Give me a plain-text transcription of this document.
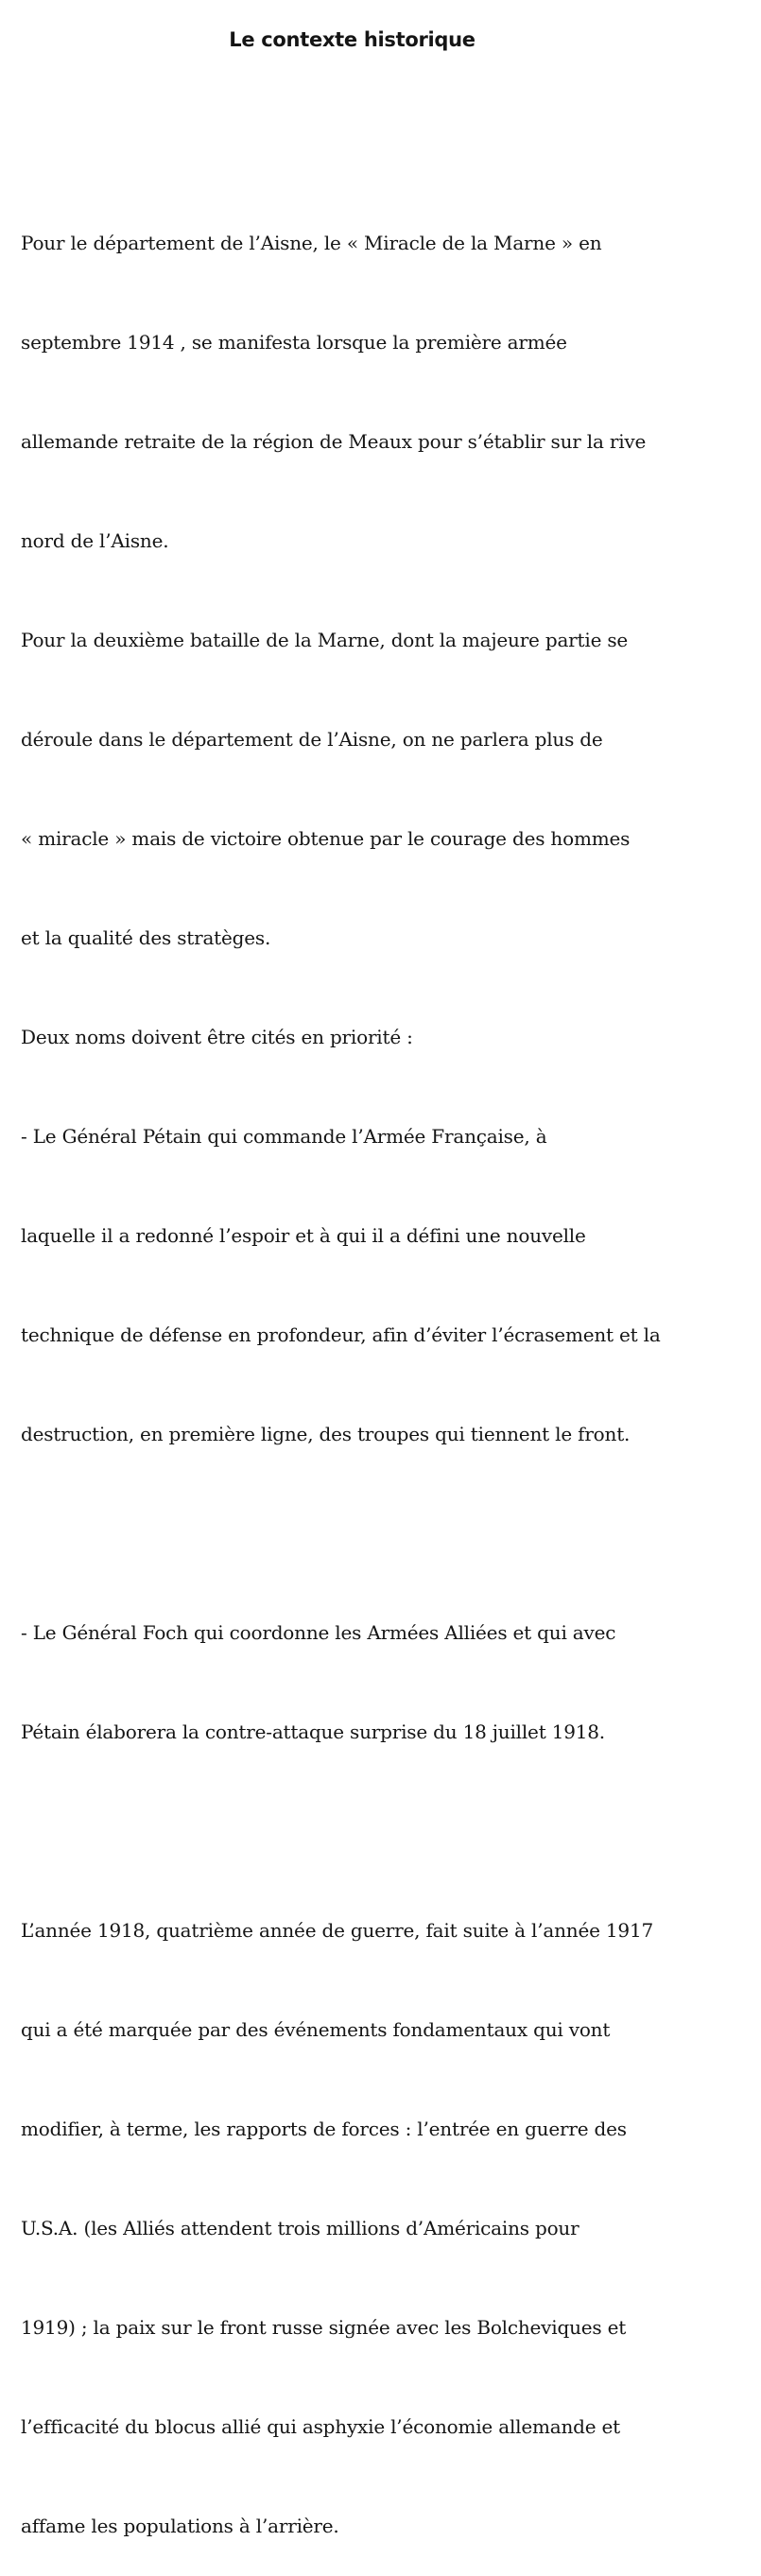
Le contexte historique

Pour le département de l’Aisne, le « Miracle de la Marne » en

septembre 1914 , se manifesta lorsque la première armée

allemande retraite de la région de Meaux pour s’établir sur la rive

nord de l’Aisne.

Pour la deuxième bataille de la Marne, dont la majeure partie se

déroule dans le département de l’Aisne, on ne parlera plus de

« miracle » mais de victoire obtenue par le courage des hommes

et la qualité des stratèges.

Deux noms doivent être cités en priorité :

- Le Général Pétain qui commande l’Armée Française, à

laquelle il a redonné l’espoir et à qui il a défini une nouvelle

technique de défense en profondeur, afin d’éviter l’écrasement et la

destruction, en première ligne, des troupes qui tiennent le front.

- Le Général Foch qui coordonne les Armées Alliées et qui avec

Pétain élaborera la contre-attaque surprise du 18 juillet 1918.

L’année 1918, quatrième année de guerre, fait suite à l’année 1917

qui a été marquée par des événements fondamentaux qui vont

modifier, à terme, les rapports de forces : l’entrée en guerre des

U.S.A. (les Alliés attendent trois millions d’Américains pour

1919) ; la paix sur le front russe signée avec les Bolcheviques et

l’efficacité du blocus allié qui asphyxie l’économie allemande et

affame les populations à l’arrière.
